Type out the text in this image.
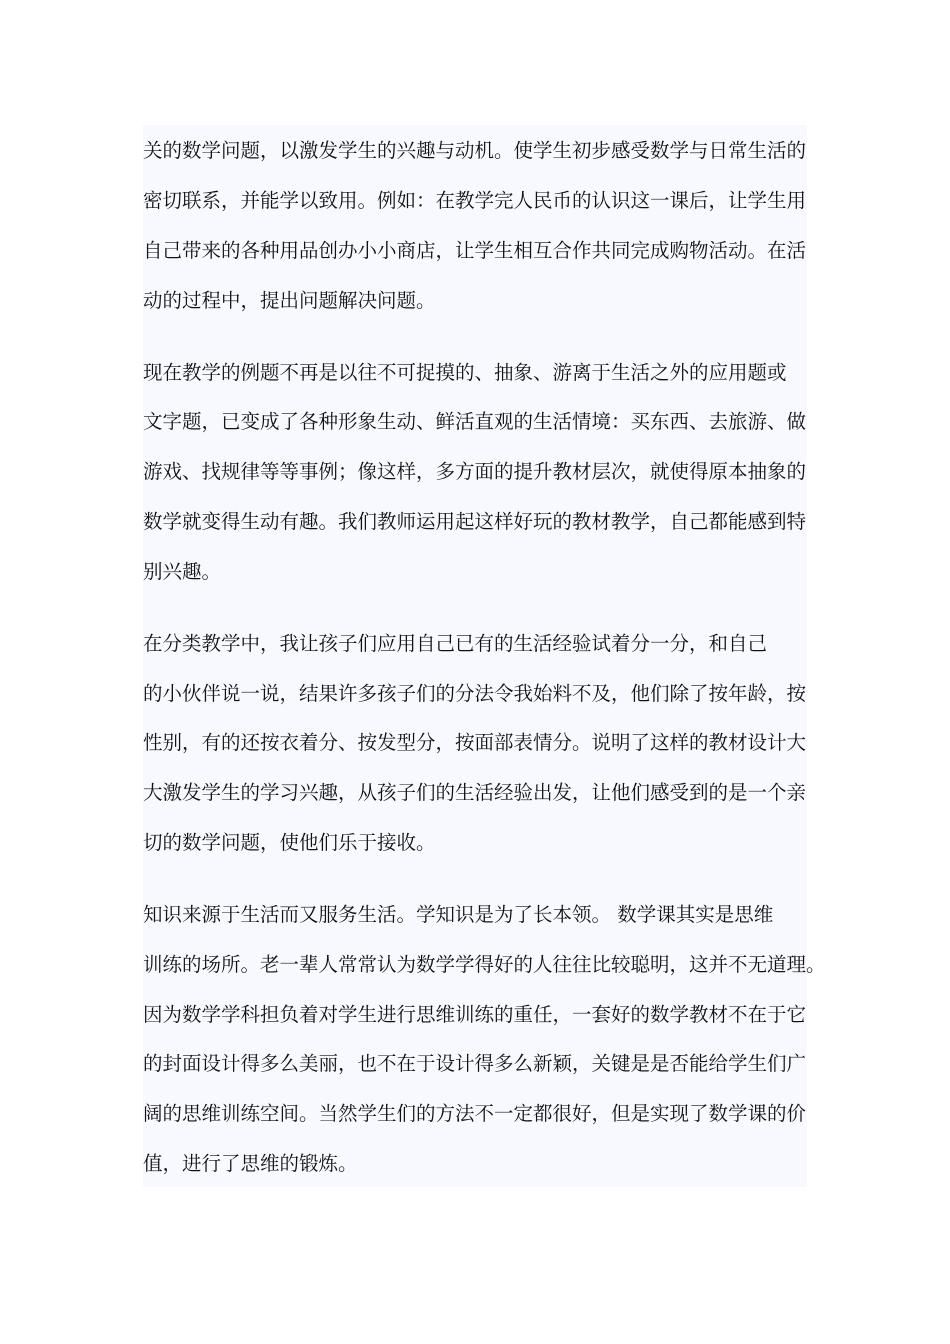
关的数学问题，以激发学生的兴趣与动机。使学生初步感受数学与日常生活的
密切联系，并能学以致用。例如：在教学完人民币的认识这一课后，让学生用
自己带来的各种用品创办小小商店，让学生相互合作共同完成购物活动。在活
动的过程中，提出问题解决问题。
现在教学的例题不再是以往不可捉摸的、抽象、游离于生活之外的应用题或
文字题，已变成了各种形象生动、鲜活直观的生活情境：买东西、去旅游、做
游戏、找规律等等事例；像这样，多方面的提升教材层次，就使得原本抽象的
数学就变得生动有趣。我们教师运用起这样好玩的教材教学，自己都能感到特
别兴趣。
在分类教学中，我让孩子们应用自己已有的生活经验试着分一分，和自己
的小伙伴说一说，结果许多孩子们的分法令我始料不及，他们除了按年龄，按
性别，有的还按衣着分、按发型分，按面部表情分。说明了这样的教材设计大
大激发学生的学习兴趣，从孩子们的生活经验出发，让他们感受到的是一个亲
切的数学问题，使他们乐于接收。
知识来源于生活而又服务生活。学知识是为了长本领。 数学课其实是思维
训练的场所。老一辈人常常认为数学学得好的人往往比较聪明，这并不无道理。
因为数学学科担负着对学生进行思维训练的重任，一套好的数学教材不在于它
的封面设计得多么美丽，也不在于设计得多么新颖，关键是是否能给学生们广
阔的思维训练空间。当然学生们的方法不一定都很好，但是实现了数学课的价
值，进行了思维的锻炼。
